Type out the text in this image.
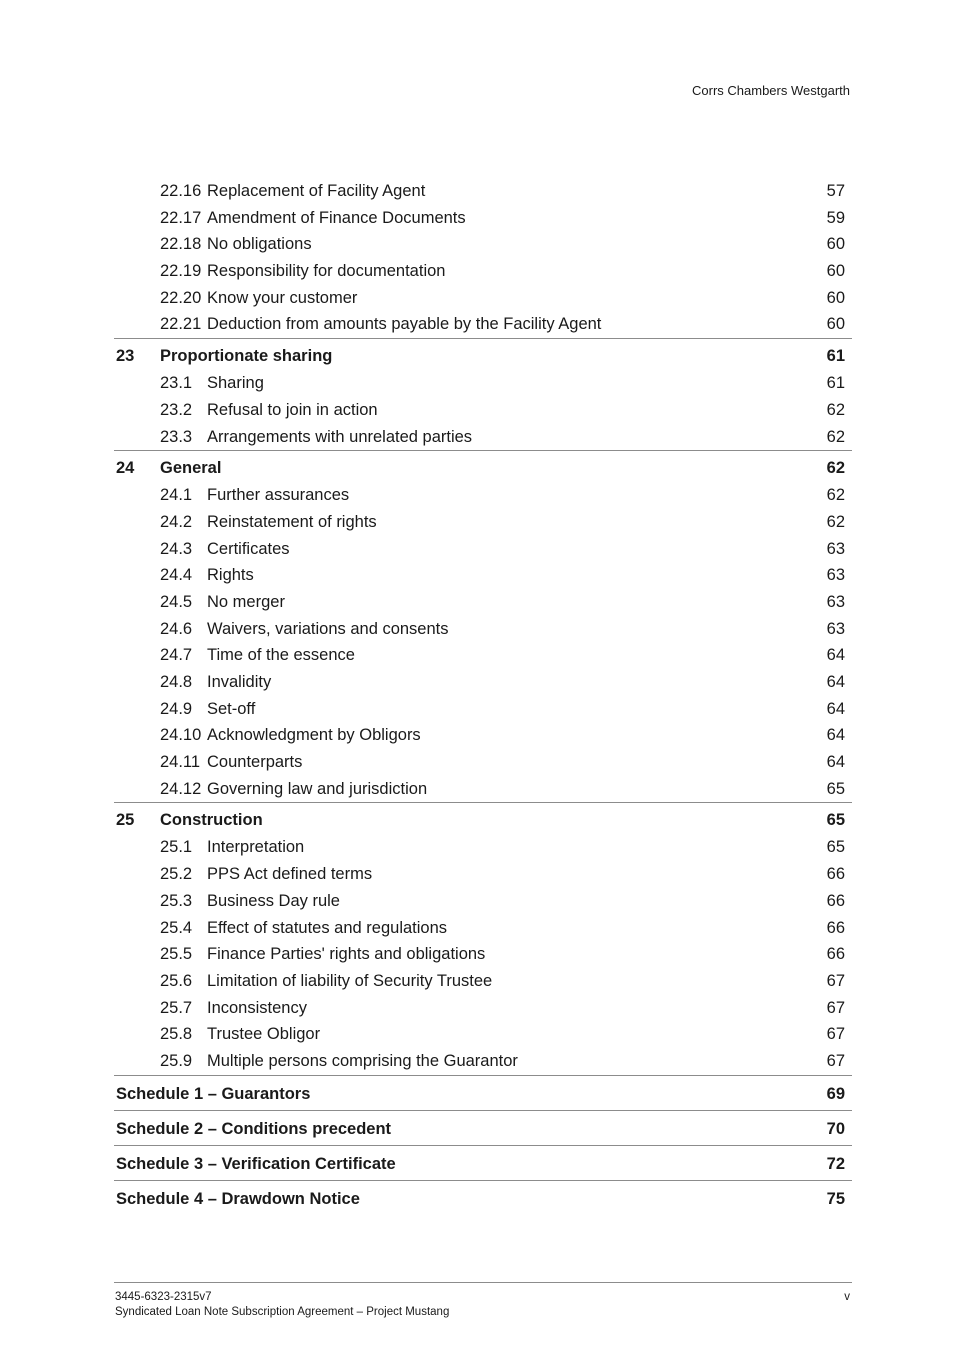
Corrs Chambers Westgarth
22.16 Replacement of Facility Agent	57
22.17 Amendment of Finance Documents	59
22.18 No obligations	60
22.19 Responsibility for documentation	60
22.20 Know your customer	60
22.21 Deduction from amounts payable by the Facility Agent	60
23 Proportionate sharing	61
23.1 Sharing	61
23.2 Refusal to join in action	62
23.3 Arrangements with unrelated parties	62
24 General	62
24.1 Further assurances	62
24.2 Reinstatement of rights	62
24.3 Certificates	63
24.4 Rights	63
24.5 No merger	63
24.6 Waivers, variations and consents	63
24.7 Time of the essence	64
24.8 Invalidity	64
24.9 Set-off	64
24.10 Acknowledgment by Obligors	64
24.11 Counterparts	64
24.12 Governing law and jurisdiction	65
25 Construction	65
25.1 Interpretation	65
25.2 PPS Act defined terms	66
25.3 Business Day rule	66
25.4 Effect of statutes and regulations	66
25.5 Finance Parties' rights and obligations	66
25.6 Limitation of liability of Security Trustee	67
25.7 Inconsistency	67
25.8 Trustee Obligor	67
25.9 Multiple persons comprising the Guarantor	67
Schedule 1 – Guarantors	69
Schedule 2 – Conditions precedent	70
Schedule 3 – Verification Certificate	72
Schedule 4 – Drawdown Notice	75
3445-6323-2315v7
Syndicated Loan Note Subscription Agreement – Project Mustang
v
